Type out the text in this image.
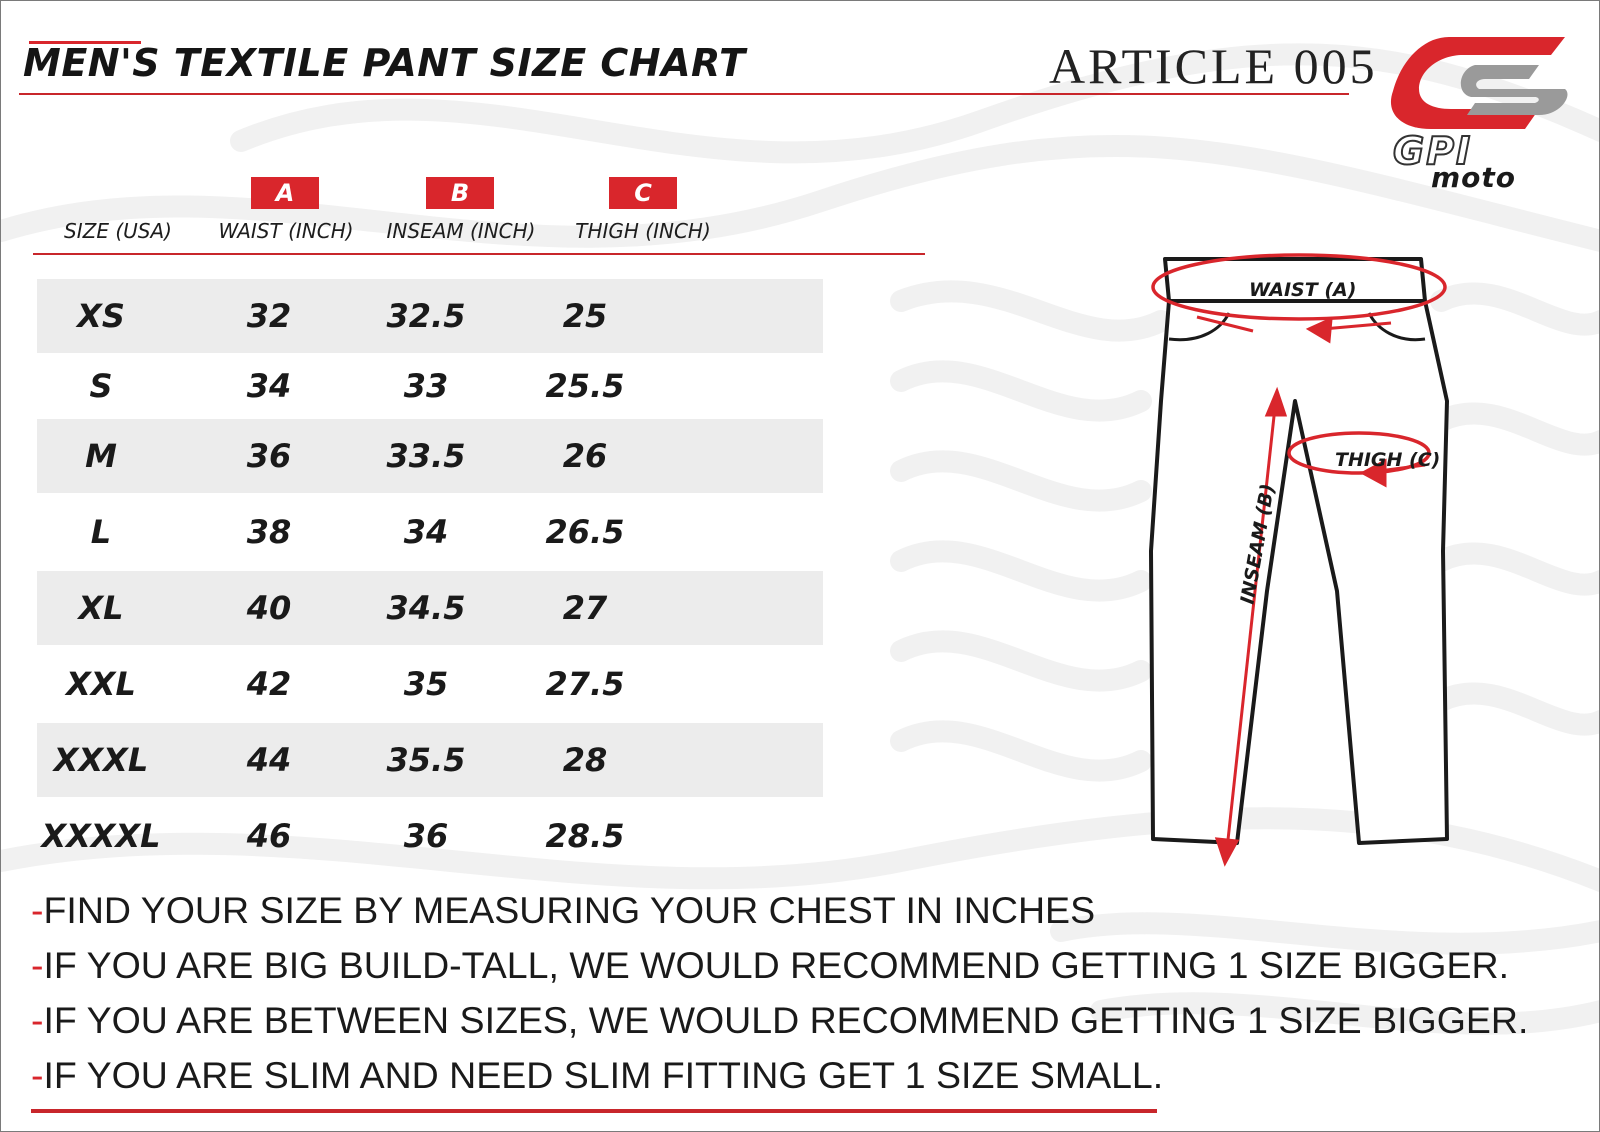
MEN'S TEXTILE PANT SIZE CHART	ARTICLE 005
GPI
moto
A	B	C
SIZE (USA)	WAIST (INCH)	INSEAM (INCH)	THIGH (INCH)
XS	32	32.5	25
S	34	33	25.5
M	36	33.5	26
L	38	34	26.5
XL	40	34.5	27
XXL	42	35	27.5
XXXL	44	35.5	28
XXXXL	46	36	28.5
WAIST (A)
THIGH (C)
INSEAM (B)
-FIND YOUR SIZE BY MEASURING YOUR CHEST IN INCHES
-IF YOU ARE BIG BUILD-TALL, WE WOULD RECOMMEND GETTING 1 SIZE BIGGER.
-IF YOU ARE BETWEEN SIZES, WE WOULD RECOMMEND GETTING 1 SIZE BIGGER.
-IF YOU ARE SLIM AND NEED SLIM FITTING GET 1 SIZE SMALL.
